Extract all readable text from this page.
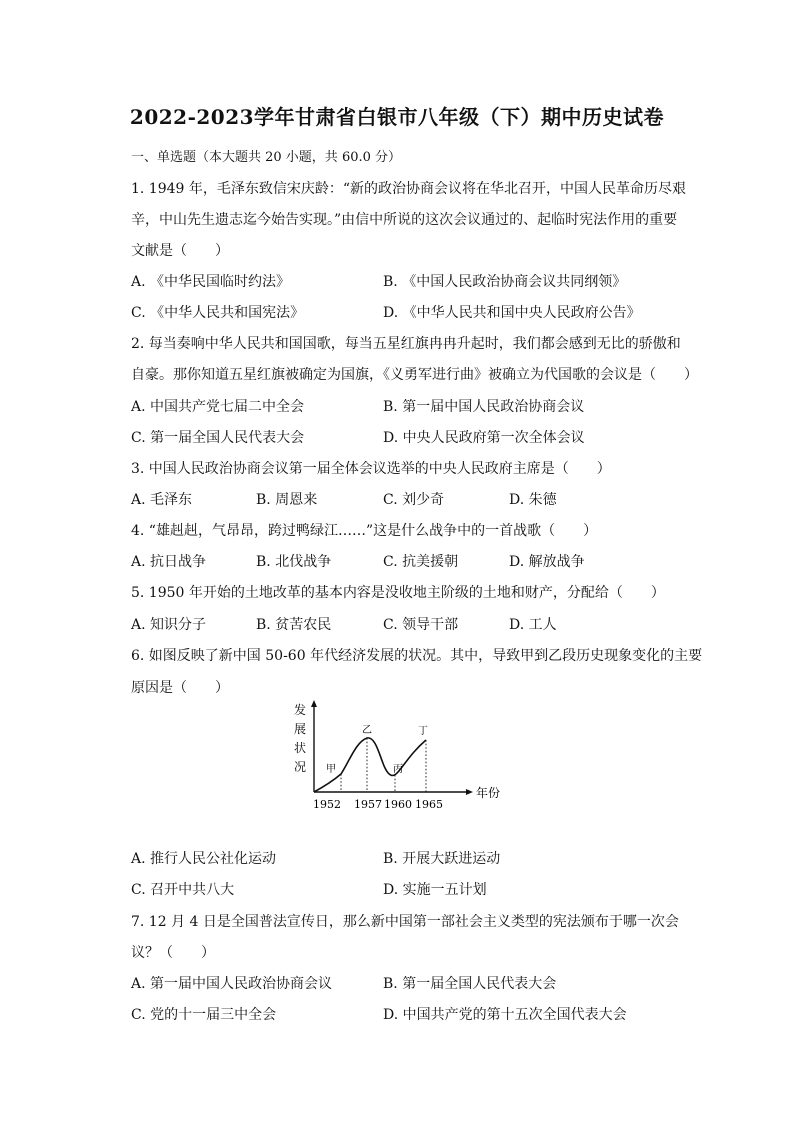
2022-2023学年甘肃省白银市八年级（下）期中历史试卷
一、单选题（本大题共 20 小题，共 60.0 分）
1. 1949 年，毛泽东致信宋庆龄：“新的政治协商会议将在华北召开，中国人民革命历尽艰
辛，中山先生遗志迄今始告实现。”由信中所说的这次会议通过的、起临时宪法作用的重要
文献是（　　）
A. 《中华民国临时约法》	B. 《中国人民政治协商会议共同纲领》
C. 《中华人民共和国宪法》	D. 《中华人民共和国中央人民政府公告》
2. 每当奏响中华人民共和国国歌，每当五星红旗冉冉升起时，我们都会感到无比的骄傲和
自豪。那你知道五星红旗被确定为国旗，《义勇军进行曲》被确立为代国歌的会议是（　　）
A. 中国共产党七届二中全会	B. 第一届中国人民政治协商会议
C. 第一届全国人民代表大会	D. 中央人民政府第一次全体会议
3. 中国人民政治协商会议第一届全体会议选举的中央人民政府主席是（　　）
A. 毛泽东	B. 周恩来	C. 刘少奇	D. 朱德
4. “雄赳赳，气昂昂，跨过鸭绿江……”这是什么战争中的一首战歌（　　）
A. 抗日战争	B. 北伐战争	C. 抗美援朝	D. 解放战争
5. 1950 年开始的土地改革的基本内容是没收地主阶级的土地和财产，分配给（　　）
A. 知识分子	B. 贫苦农民	C. 领导干部	D. 工人
6. 如图反映了新中国 50-60 年代经济发展的状况。其中，导致甲到乙段历史现象变化的主要
原因是（　　）
发
展
状
况
年份
甲
乙
丙
丁
1952 1957 1960 1965
A. 推行人民公社化运动	B. 开展大跃进运动
C. 召开中共八大	D. 实施一五计划
7. 12 月 4 日是全国普法宣传日，那么新中国第一部社会主义类型的宪法颁布于哪一次会
议？（　　）
A. 第一届中国人民政治协商会议	B. 第一届全国人民代表大会
C. 党的十一届三中全会	D. 中国共产党的第十五次全国代表大会
